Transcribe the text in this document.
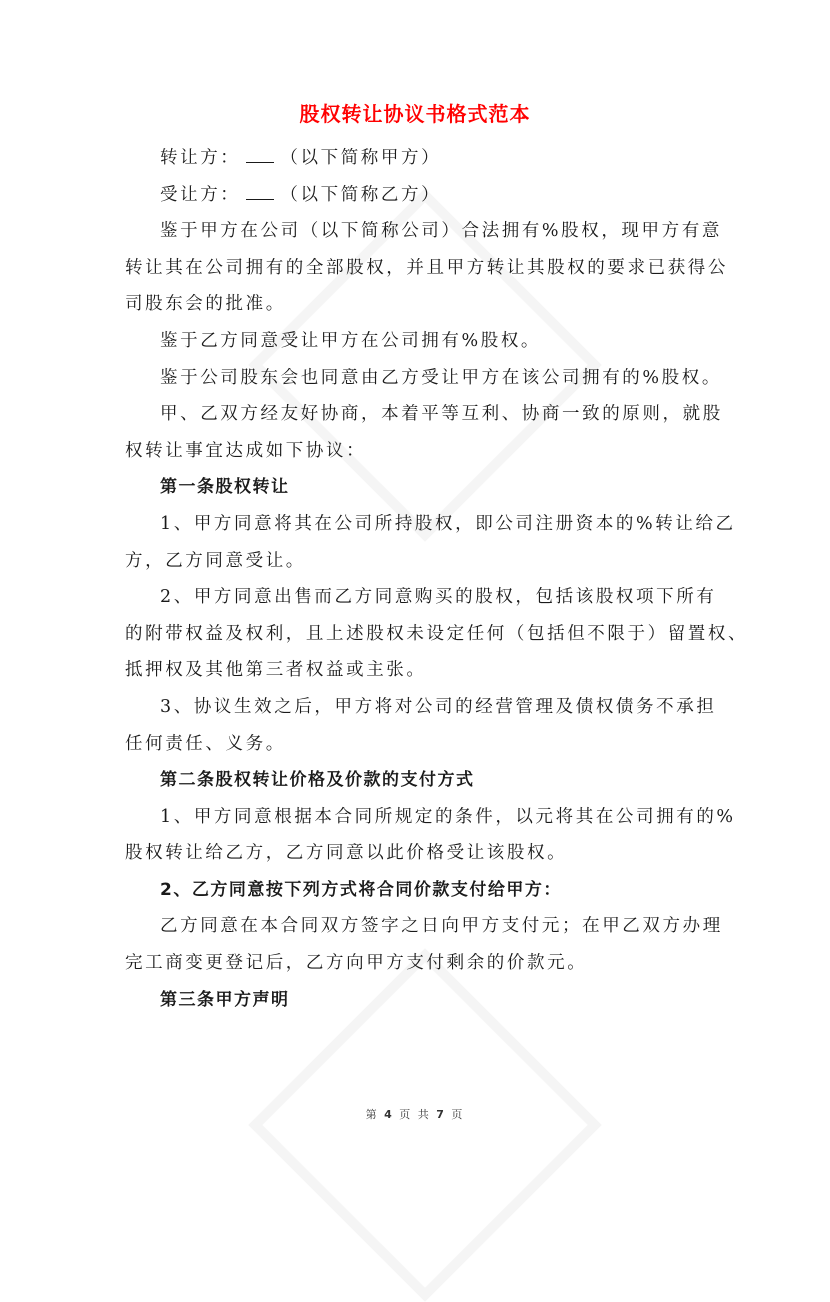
股权转让协议书格式范本
转让方： （以下简称甲方）
受让方： （以下简称乙方）
鉴于甲方在公司（以下简称公司）合法拥有%股权，现甲方有意
转让其在公司拥有的全部股权，并且甲方转让其股权的要求已获得公
司股东会的批准。
鉴于乙方同意受让甲方在公司拥有%股权。
鉴于公司股东会也同意由乙方受让甲方在该公司拥有的%股权。
甲、乙双方经友好协商，本着平等互利、协商一致的原则，就股
权转让事宜达成如下协议：
第一条股权转让
1、甲方同意将其在公司所持股权，即公司注册资本的%转让给乙
方，乙方同意受让。
2、甲方同意出售而乙方同意购买的股权，包括该股权项下所有
的附带权益及权利，且上述股权未设定任何（包括但不限于）留置权、
抵押权及其他第三者权益或主张。
3、协议生效之后，甲方将对公司的经营管理及债权债务不承担
任何责任、义务。
第二条股权转让价格及价款的支付方式
1、甲方同意根据本合同所规定的条件，以元将其在公司拥有的%
股权转让给乙方，乙方同意以此价格受让该股权。
2、乙方同意按下列方式将合同价款支付给甲方：
乙方同意在本合同双方签字之日向甲方支付元；在甲乙双方办理
完工商变更登记后，乙方向甲方支付剩余的价款元。
第三条甲方声明
第 4 页 共 7 页
